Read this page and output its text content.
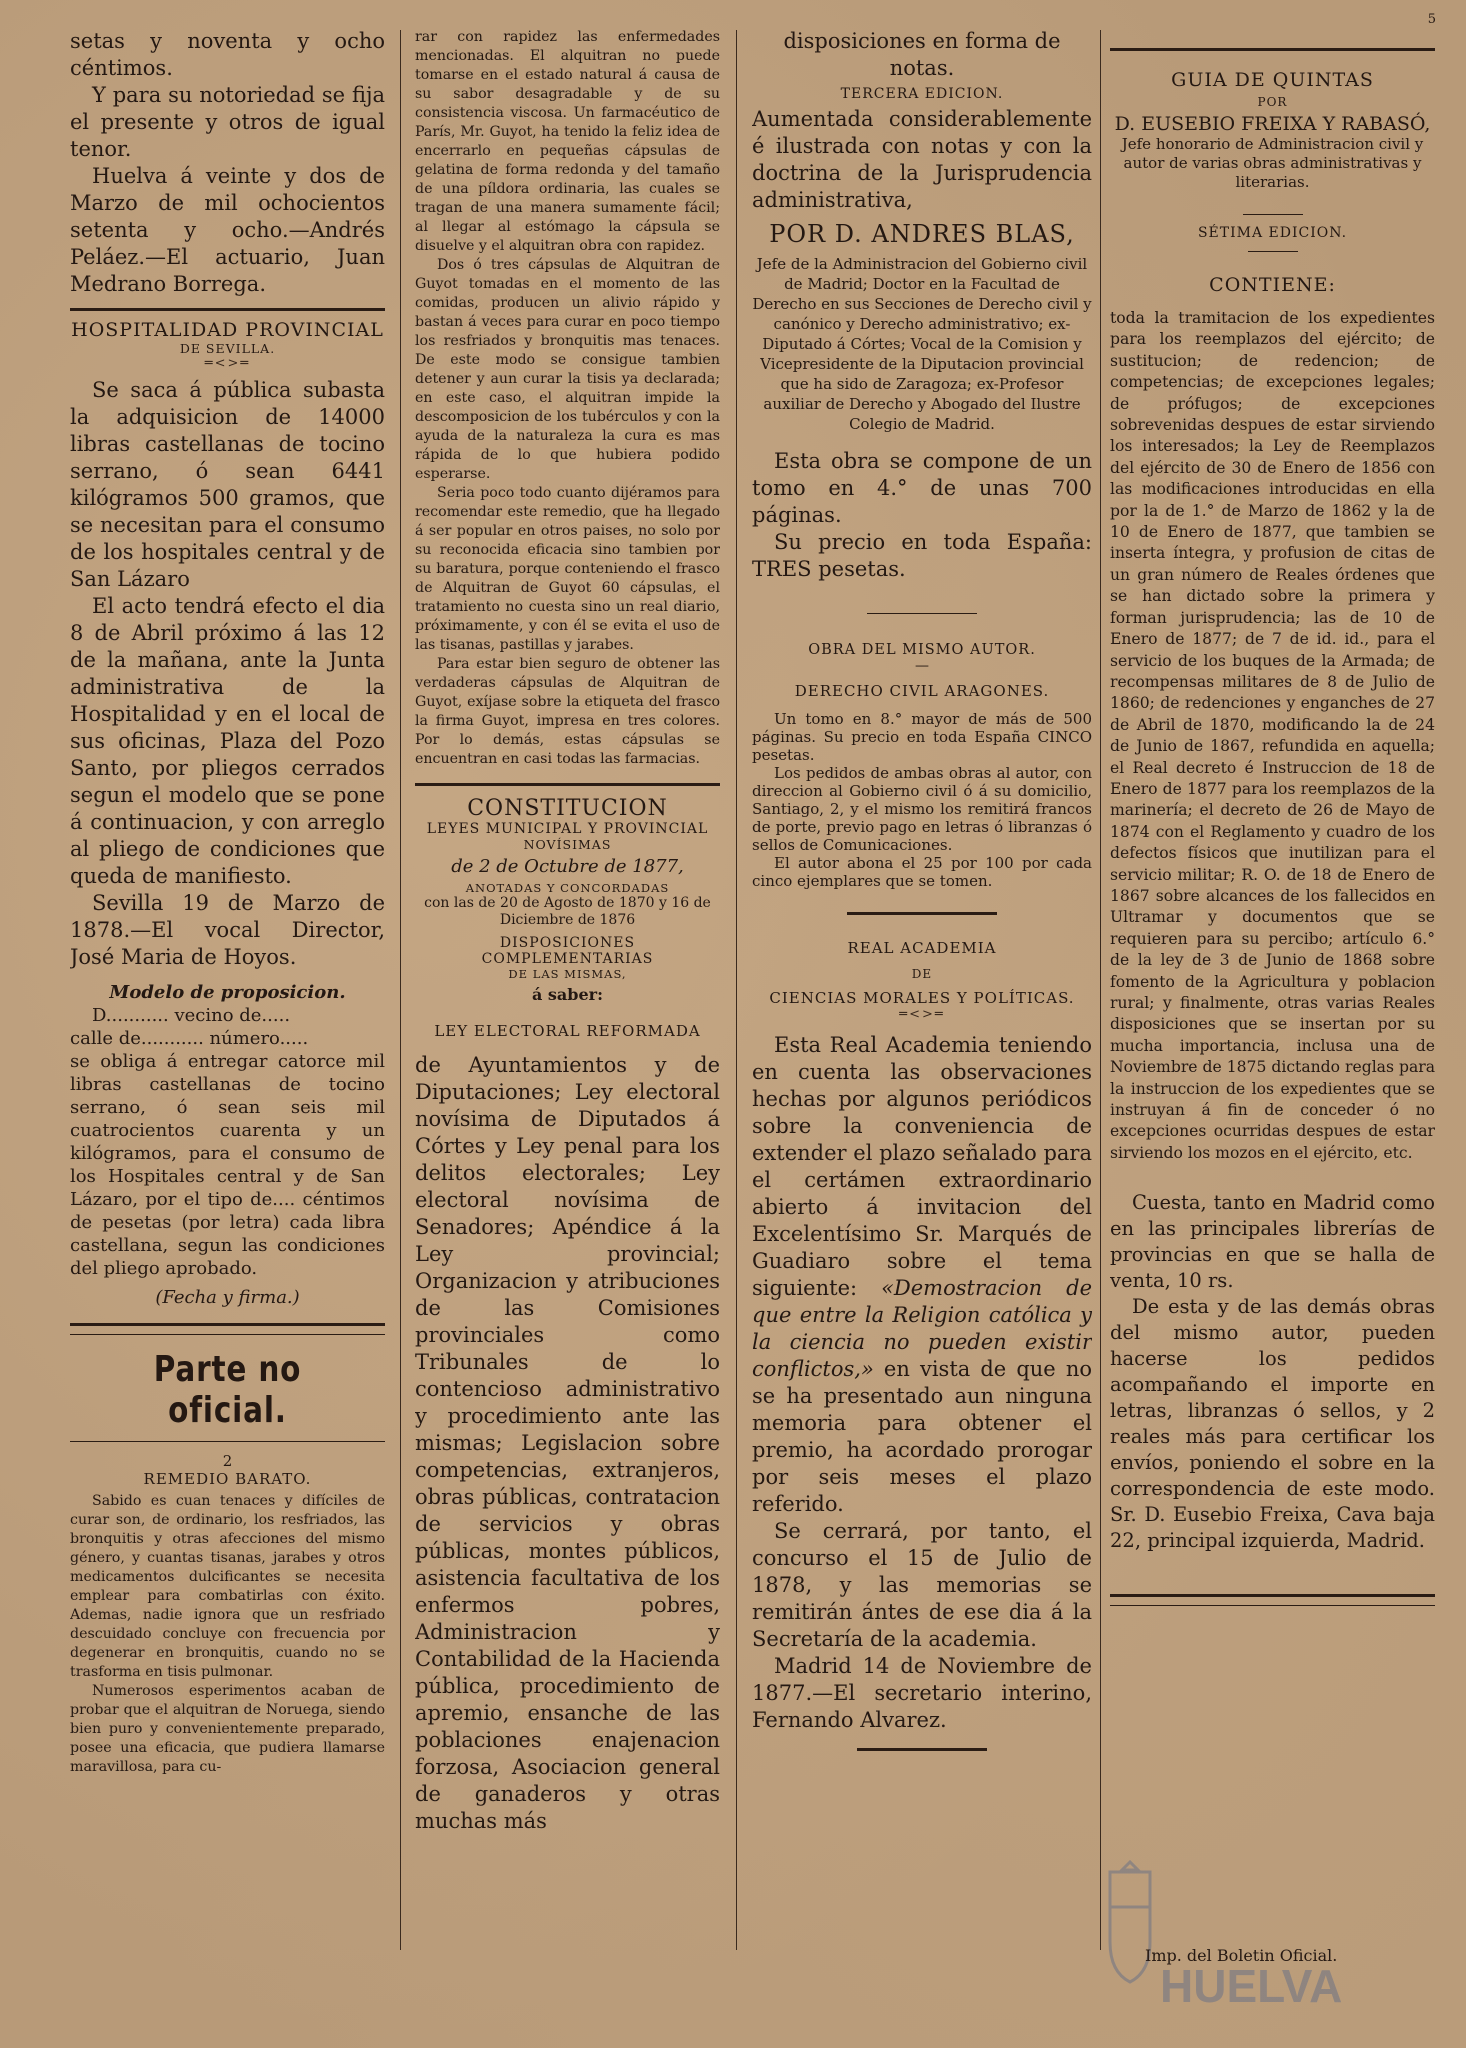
5

setas y noventa y ocho céntimos.

Y para su notoriedad se fija el presente y otros de igual tenor.

Huelva á veinte y dos de Marzo de mil ochocientos setenta y ocho.—Andrés Peláez.—El actuario, Juan Medrano Borrega.

HOSPITALIDAD PROVINCIAL
DE SEVILLA.
═<>═

Se saca á pública subasta la adquisicion de 14000 libras castellanas de tocino serrano, ó sean 6441 kilógramos 500 gramos, que se necesitan para el consumo de los hospitales central y de San Lázaro

El acto tendrá efecto el dia 8 de Abril próximo á las 12 de la mañana, ante la Junta administrativa de la Hospitalidad y en el local de sus oficinas, Plaza del Pozo Santo, por pliegos cerrados segun el modelo que se pone á continuacion, y con arreglo al pliego de condiciones que queda de manifiesto.

Sevilla 19 de Marzo de 1878.—El vocal Director, José Maria de Hoyos.

Modelo de proposicion.

D........... vecino de.....

calle de........... número.....

se obliga á entregar catorce mil libras castellanas de tocino serrano, ó sean seis mil cuatrocientos cuarenta y un kilógramos, para el consumo de los Hospitales central y de San Lázaro, por el tipo de.... céntimos de pesetas (por letra) cada libra castellana, segun las condiciones del pliego aprobado.

(Fecha y firma.)

Parte no oficial.
2
REMEDIO BARATO.

Sabido es cuan tenaces y difíciles de curar son, de ordinario, los resfriados, las bronquitis y otras afecciones del mismo género, y cuantas tisanas, jarabes y otros medicamentos dulcificantes se necesita emplear para combatirlas con éxito. Ademas, nadie ignora que un resfriado descuidado concluye con frecuencia por degenerar en bronquitis, cuando no se trasforma en tisis pulmonar.

Numerosos esperimentos acaban de probar que el alquitran de Noruega, siendo bien puro y convenientemente preparado, posee una eficacia, que pudiera llamarse maravillosa, para cu-

rar con rapidez las enfermedades mencionadas. El alquitran no puede tomarse en el estado natural á causa de su sabor desagradable y de su consistencia viscosa. Un farmacéutico de París, Mr. Guyot, ha tenido la feliz idea de encerrarlo en pequeñas cápsulas de gelatina de forma redonda y del tamaño de una píldora ordinaria, las cuales se tragan de una manera sumamente fácil; al llegar al estómago la cápsula se disuelve y el alquitran obra con rapidez.

Dos ó tres cápsulas de Alquitran de Guyot tomadas en el momento de las comidas, producen un alivio rápido y bastan á veces para curar en poco tiempo los resfriados y bronquitis mas tenaces. De este modo se consigue tambien detener y aun curar la tisis ya declarada; en este caso, el alquitran impide la descomposicion de los tubérculos y con la ayuda de la naturaleza la cura es mas rápida de lo que hubiera podido esperarse.

Seria poco todo cuanto dijéramos para recomendar este remedio, que ha llegado á ser popular en otros paises, no solo por su reconocida eficacia sino tambien por su baratura, porque conteniendo el frasco de Alquitran de Guyot 60 cápsulas, el tratamiento no cuesta sino un real diario, próximamente, y con él se evita el uso de las tisanas, pastillas y jarabes.

Para estar bien seguro de obtener las verdaderas cápsulas de Alquitran de Guyot, exíjase sobre la etiqueta del frasco la firma Guyot, impresa en tres colores. Por lo demás, estas cápsulas se encuentran en casi todas las farmacias.

CONSTITUCION
LEYES MUNICIPAL Y PROVINCIAL
NOVÍSIMAS
de 2 de Octubre de 1877,
ANOTADAS Y CONCORDADAS
con las de 20 de Agosto de 1870 y 16 de Diciembre de 1876
DISPOSICIONES COMPLEMENTARIAS
DE LAS MISMAS,
á saber:
LEY ELECTORAL REFORMADA

de Ayuntamientos y de Diputaciones; Ley electoral novísima de Diputados á Córtes y Ley penal para los delitos electorales; Ley electoral novísima de Senadores; Apéndice á la Ley provincial; Organizacion y atribuciones de las Comisiones provinciales como Tribunales de lo contencioso administrativo y procedimiento ante las mismas; Legislacion sobre competencias, extranjeros, obras públicas, contratacion de servicios y obras públicas, montes públicos, asistencia facultativa de los enfermos pobres, Administracion y Contabilidad de la Hacienda pública, procedimiento de apremio, ensanche de las poblaciones enajenacion forzosa, Asociacion general de ganaderos y otras muchas más

disposiciones en forma de notas.

TERCERA EDICION.

Aumentada considerablemente é ilustrada con notas y con la doctrina de la Jurisprudencia administrativa,

POR D. ANDRES BLAS,

Jefe de la Administracion del Gobierno civil de Madrid; Doctor en la Facultad de Derecho en sus Secciones de Derecho civil y canónico y Derecho administrativo; ex-Diputado á Córtes; Vocal de la Comision y Vicepresidente de la Diputacion provincial que ha sido de Zaragoza; ex-Profesor auxiliar de Derecho y Abogado del Ilustre Colegio de Madrid.

Esta obra se compone de un tomo en 4.° de unas 700 páginas.

Su precio en toda España: TRES pesetas.

OBRA DEL MISMO AUTOR.
—
DERECHO CIVIL ARAGONES.

Un tomo en 8.° mayor de más de 500 páginas. Su precio en toda España CINCO pesetas.

Los pedidos de ambas obras al autor, con direccion al Gobierno civil ó á su domicilio, Santiago, 2, y el mismo los remitirá francos de porte, previo pago en letras ó libranzas ó sellos de Comunicaciones.

El autor abona el 25 por 100 por cada cinco ejemplares que se tomen.

REAL ACADEMIA
DE
CIENCIAS MORALES Y POLÍTICAS.
═<>═

Esta Real Academia teniendo en cuenta las observaciones hechas por algunos periódicos sobre la conveniencia de extender el plazo señalado para el certámen extraordinario abierto á invitacion del Excelentísimo Sr. Marqués de Guadiaro sobre el tema siguiente: «Demostracion de que entre la Religion católica y la ciencia no pueden existir conflictos,» en vista de que no se ha presentado aun ninguna memoria para obtener el premio, ha acordado prorogar por seis meses el plazo referido.

Se cerrará, por tanto, el concurso el 15 de Julio de 1878, y las memorias se remitirán ántes de ese dia á la Secretaría de la academia.

Madrid 14 de Noviembre de 1877.—El secretario interino, Fernando Alvarez.

GUIA DE QUINTAS
POR
D. EUSEBIO FREIXA Y RABASÓ,

Jefe honorario de Administracion civil y autor de varias obras administrativas y literarias.

SÉTIMA EDICION.
CONTIENE:

toda la tramitacion de los expedientes para los reemplazos del ejército; de sustitucion; de redencion; de competencias; de excepciones legales; de prófugos; de excepciones sobrevenidas despues de estar sirviendo los interesados; la Ley de Reemplazos del ejército de 30 de Enero de 1856 con las modificaciones introducidas en ella por la de 1.° de Marzo de 1862 y la de 10 de Enero de 1877, que tambien se inserta íntegra, y profusion de citas de un gran número de Reales órdenes que se han dictado sobre la primera y forman jurisprudencia; las de 10 de Enero de 1877; de 7 de id. id., para el servicio de los buques de la Armada; de recompensas militares de 8 de Julio de 1860; de redenciones y enganches de 27 de Abril de 1870, modificando la de 24 de Junio de 1867, refundida en aquella; el Real decreto é Instruccion de 18 de Enero de 1877 para los reemplazos de la marinería; el decreto de 26 de Mayo de 1874 con el Reglamento y cuadro de los defectos físicos que inutilizan para el servicio militar; R. O. de 18 de Enero de 1867 sobre alcances de los fallecidos en Ultramar y documentos que se requieren para su percibo; artículo 6.° de la ley de 3 de Junio de 1868 sobre fomento de la Agricultura y poblacion rural; y finalmente, otras varias Reales disposiciones que se insertan por su mucha importancia, inclusa una de Noviembre de 1875 dictando reglas para la instruccion de los expedientes que se instruyan á fin de conceder ó no excepciones ocurridas despues de estar sirviendo los mozos en el ejército, etc.

Cuesta, tanto en Madrid como en las principales librerías de provincias en que se halla de venta, 10 rs.

De esta y de las demás obras del mismo autor, pueden hacerse los pedidos acompañando el importe en letras, libranzas ó sellos, y 2 reales más para certificar los envíos, poniendo el sobre en la correspondencia de este modo. Sr. D. Eusebio Freixa, Cava baja 22, principal izquierda, Madrid.

HUELVA
Imp. del Boletin Oficial.
